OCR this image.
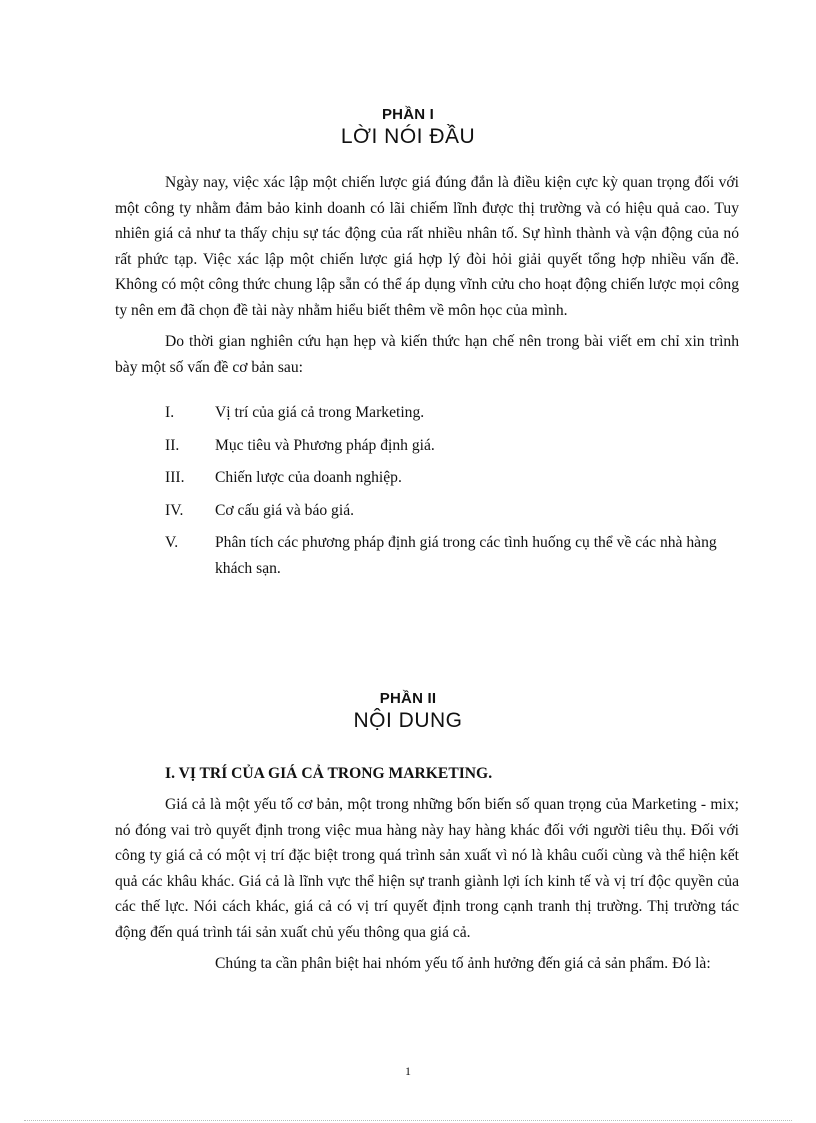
PHẦN I
LỜI NÓI ĐẦU

Ngày nay, việc xác lập một chiến lược giá đúng đắn là điều kiện cực kỳ quan trọng đối với một công ty nhằm đảm bảo kinh doanh có lãi chiếm lĩnh được thị trường và có hiệu quả cao. Tuy nhiên giá cả như ta thấy chịu sự tác động của rất nhiều nhân tố. Sự hình thành và vận động của nó rất phức tạp. Việc xác lập một chiến lược giá hợp lý đòi hỏi giải quyết tổng hợp nhiều vấn đề. Không có một công thức chung lập sẵn có thể áp dụng vĩnh cửu cho hoạt động chiến lược mọi công ty nên em đã chọn đề tài này nhằm hiểu biết thêm về môn học của mình.

Do thời gian nghiên cứu hạn hẹp và kiến thức hạn chế nên trong bài viết em chỉ xin trình bày một số vấn đề cơ bản sau:

I.	Vị trí của giá cả trong Marketing.
II.	Mục tiêu và Phương pháp định giá.
III.	Chiến lược của doanh nghiệp.
IV.	Cơ cấu giá và báo giá.
V.	Phân tích các phương pháp định giá trong các tình huống cụ thể về các nhà hàng khách sạn.
PHẦN II
NỘI DUNG
I. VỊ TRÍ CỦA GIÁ CẢ TRONG MARKETING.

Giá cả là một yếu tố cơ bản, một trong những bốn biến số quan trọng của Marketing - mix; nó đóng vai trò quyết định trong việc mua hàng này hay hàng khác đối với người tiêu thụ. Đối với công ty giá cả có một vị trí đặc biệt trong quá trình sản xuất vì nó là khâu cuối cùng và thể hiện kết quả các khâu khác. Giá cả là lĩnh vực thể hiện sự tranh giành lợi ích kinh tế và vị trí độc quyền của các thế lực. Nói cách khác, giá cả có vị trí quyết định trong cạnh tranh thị trường. Thị trường tác động đến quá trình tái sản xuất chủ yếu thông qua giá cả.

Chúng ta cần phân biệt hai nhóm yếu tố ảnh hưởng đến giá cả sản phẩm. Đó là:

1
